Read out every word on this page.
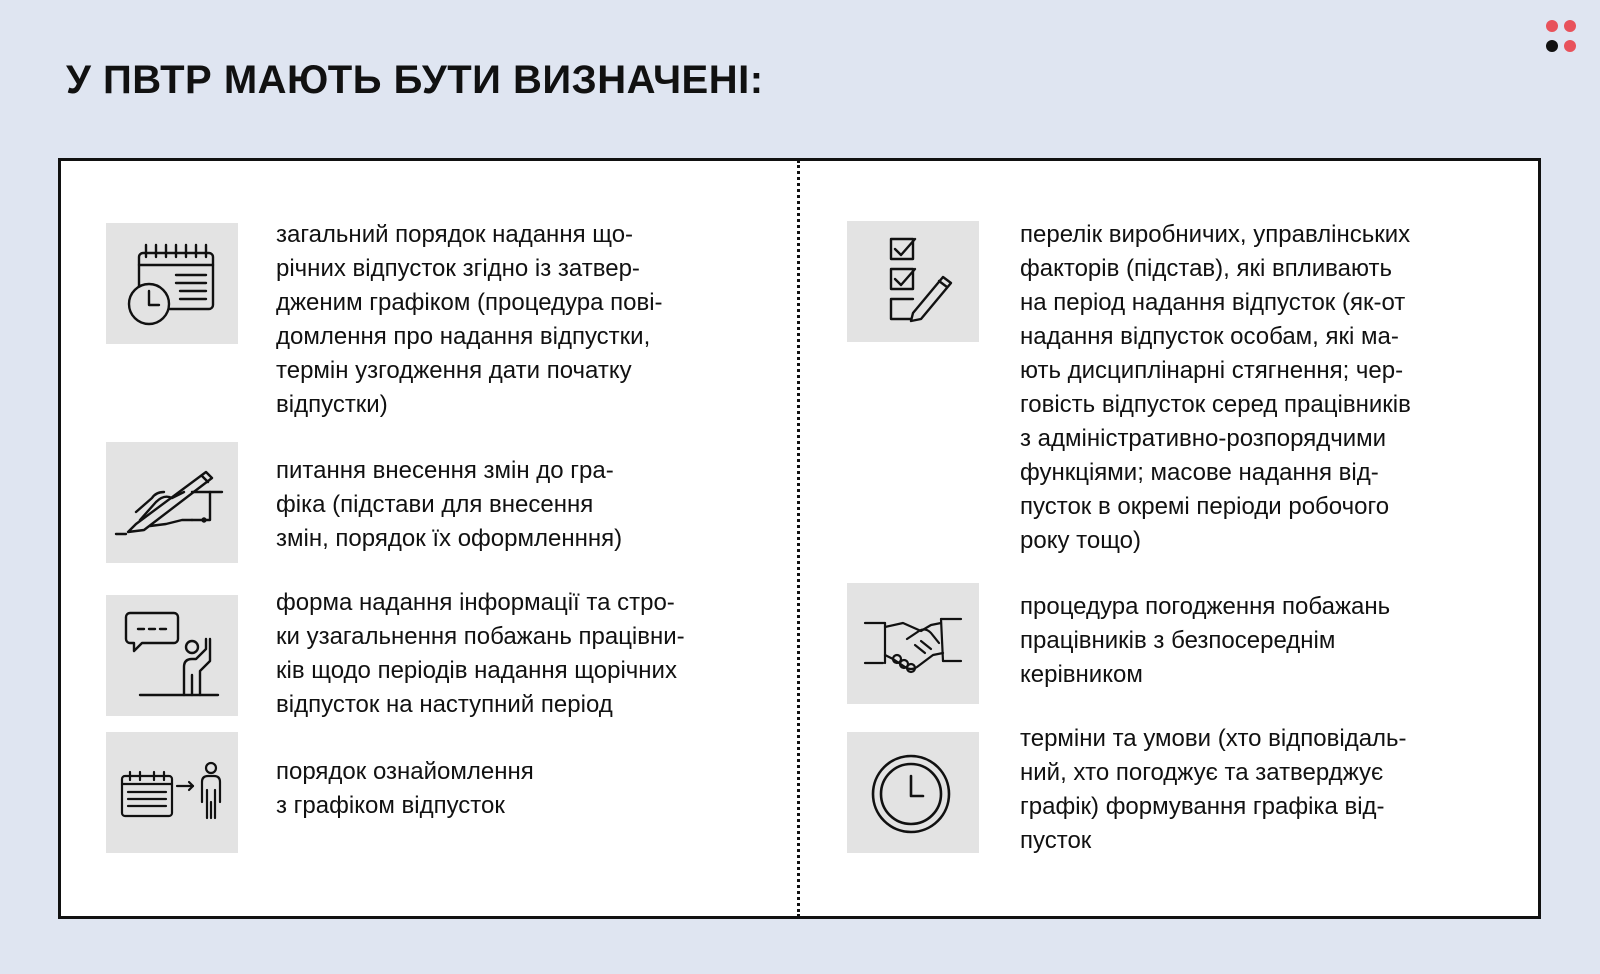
У ПВТР МАЮТЬ БУТИ ВИЗНАЧЕНІ:

загальний порядок надання що-
річних відпусток згідно із затвер-
дженим графіком (процедура пові-
домлення про надання відпустки,
термін узгодження дати початку
відпустки)

питання внесення змін до гра-
фіка (підстави для внесення
змін, порядок їх оформленння)

форма надання інформації та стро-
ки узагальнення побажань працівни-
ків щодо періодів надання щорічних
відпусток на наступний період

порядок ознайомлення
з графіком відпусток

перелік виробничих, управлінських
факторів (підстав), які впливають
на період надання відпусток (як-от
надання відпусток особам, які ма-
ють дисциплінарні стягнення; чер-
говість відпусток серед працівників
з адміністративно-розпорядчими
функціями; масове надання від-
пусток в окремі періоди робочого
року тощо)

процедура погодження побажань
працівників з безпосереднім
керівником

терміни та умови (хто відповідаль-
ний, хто погоджує та затверджує
графік) формування графіка від-
пусток
